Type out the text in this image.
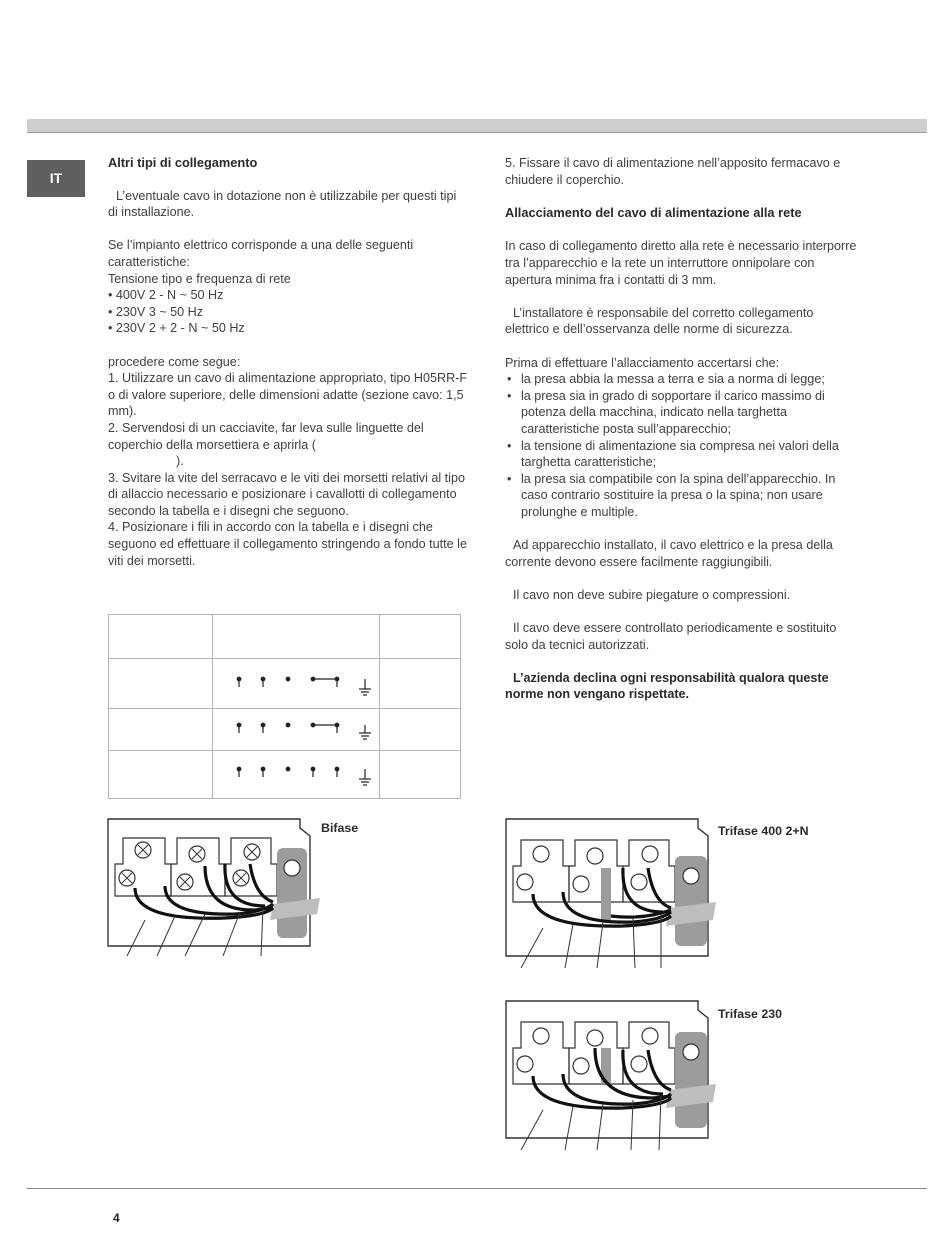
IT

Altri tipi di collegamento

L’eventuale cavo in dotazione non è utilizzabile per questi tipi di installazione.

Se l’impianto elettrico corrisponde a una delle seguenti caratteristiche:

Tensione tipo e frequenza di rete

• 400V 2 - N ~ 50 Hz

• 230V 3 ~ 50 Hz

• 230V 2 + 2 - N ~ 50 Hz

procedere come segue:

1. Utilizzare un cavo di alimentazione appropriato, tipo H05RR-F o di valore superiore, delle dimensioni adatte (sezione cavo: 1,5 mm).

2. Servendosi di un cacciavite, far leva sulle linguette del coperchio della morsettiera e aprirla (

).

3. Svitare la vite del serracavo e le viti dei morsetti relativi al tipo di allaccio necessario e posizionare i cavallotti di collegamento secondo la tabella e i disegni che seguono.

4. Posizionare i fili in accordo con la tabella e i disegni che seguono ed effettuare il collegamento stringendo a fondo tutte le viti dei morsetti.

5. Fissare il cavo di alimentazione nell’apposito fermacavo e chiudere il coperchio.

Allacciamento del cavo di alimentazione alla rete

In caso di collegamento diretto alla rete è necessario interporre tra l’apparecchio e la rete un interruttore onnipolare con apertura minima fra i contatti di 3 mm.

L’installatore è responsabile del corretto collegamento elettrico e dell’osservanza delle norme di sicurezza.

Prima di effettuare l’allacciamento accertarsi che:

• la presa abbia la messa a terra e sia a norma di legge;

• la presa sia in grado di sopportare il carico massimo di potenza della macchina, indicato nella targhetta caratteristiche posta sull’apparecchio;

• la tensione di alimentazione sia compresa nei valori della targhetta caratteristiche;

• la presa sia compatibile con la spina dell’apparecchio. In caso contrario sostituire la presa o la spina; non usare prolunghe e multiple.

Ad apparecchio installato, il cavo elettrico e la presa della corrente devono essere facilmente raggiungibili.

Il cavo non deve subire piegature o compressioni.

Il cavo deve essere controllato periodicamente e sostituito solo da tecnici autorizzati.

L’azienda declina ogni responsabilità qualora queste norme non vengano rispettate.

Bifase	Trifase 400 2+N
Trifase 230
4
